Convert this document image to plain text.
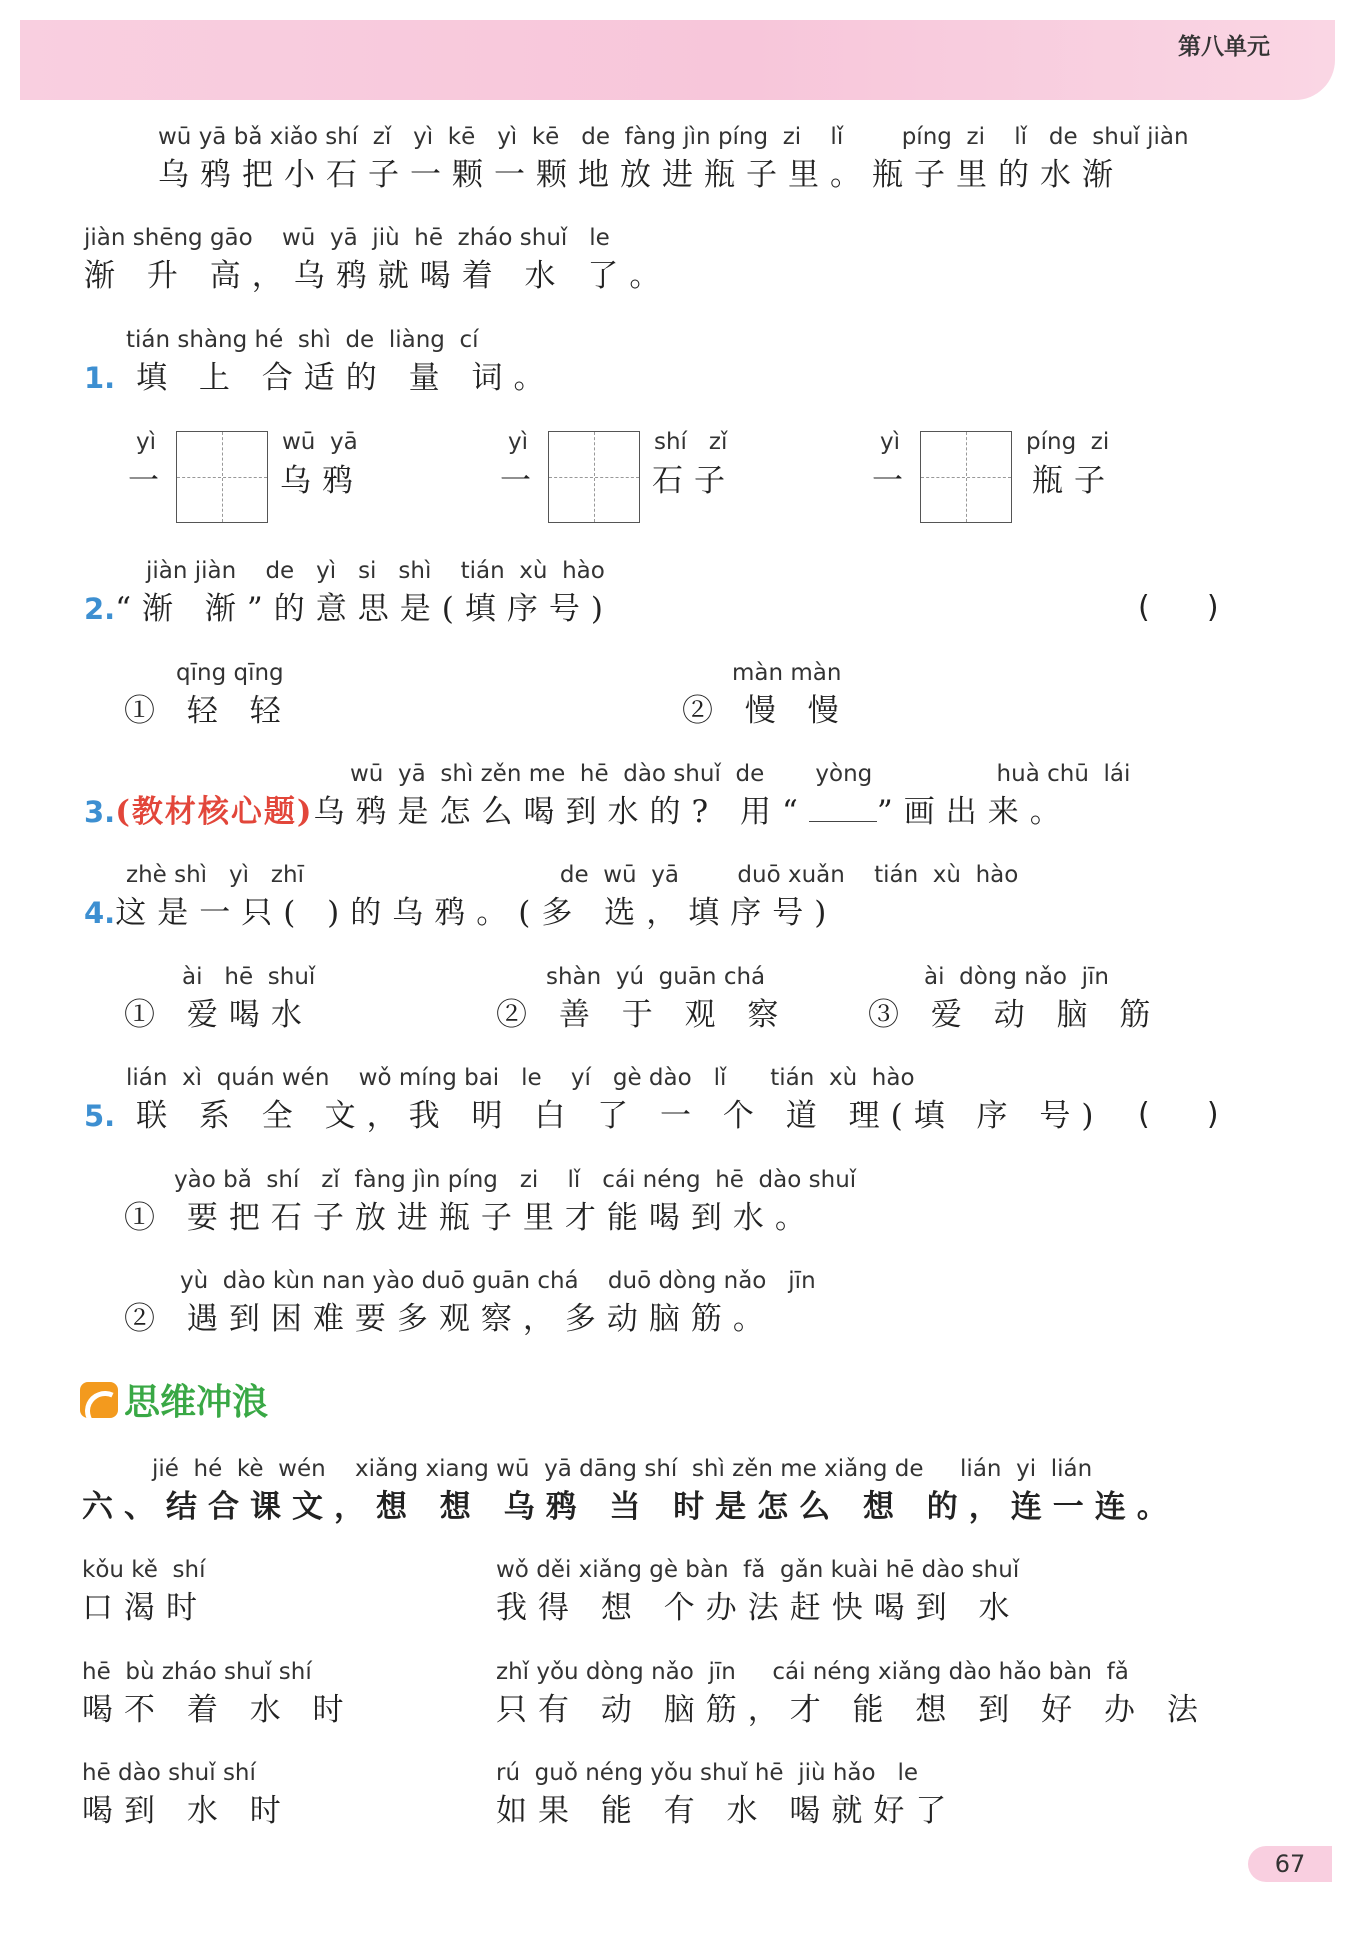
第八单元
wū yā bǎ xiǎo shí  zǐ   yì  kē   yì  kē   de  fàng jìn píng  zi    lǐ        píng  zi    lǐ   de  shuǐ jiàn
乌鸦把小石子一颗一颗地放进瓶子里。瓶子里的水渐
jiàn shēng gāo    wū  yā  jiù  hē  zháo shuǐ   le
渐 升 高，乌鸦就喝着 水 了。
tián shàng hé  shì  de  liàng  cí
1. 填 上 合适的 量 词。
yì
一
wū  yā
乌鸦
yì
一
shí   zǐ
石子
yì
一
píng  zi
瓶子
jiàn jiàn    de   yì   si   shì    tián  xù  hào
2.“渐 渐”的意思是(填序号)	(      )
qīng qīng
① 轻 轻
màn màn
② 慢 慢
wū  yā  shì zěn me  hē  dào shuǐ  de       yòng                 huà chū  lái
3.(教材核心题)乌鸦是怎么喝到水的? 用“ ”画出来。
zhè shì   yì   zhī                                   de  wū  yā        duō xuǎn    tián  xù  hào
4.这是一只( )的乌鸦。(多 选，填序号)
ài   hē  shuǐ
① 爱喝水
shàn  yú  guān chá
② 善 于 观 察
ài  dòng nǎo  jīn
③ 爱 动 脑 筋
lián  xì  quán wén    wǒ míng bai   le    yí   gè dào   lǐ      tián  xù  hào
5. 联 系 全 文，我 明 白 了 一 个 道 理(填 序 号) (      )
yào bǎ  shí   zǐ  fàng jìn píng   zi    lǐ   cái néng  hē  dào shuǐ
① 要把石子放进瓶子里才能喝到水。
yù  dào kùn nan yào duō guān chá    duō dòng nǎo   jīn
② 遇到困难要多观察，多动脑筋。
思维冲浪
jié  hé  kè  wén    xiǎng xiang wū  yā dāng shí  shì zěn me xiǎng de     lián  yi  lián
六、结合课文，想 想 乌鸦 当 时是怎么 想 的，连一连。
kǒu kě  shí
口渴时
hē  bù zháo shuǐ shí
喝不 着 水 时
hē dào shuǐ shí
喝到 水 时
wǒ děi xiǎng gè bàn  fǎ  gǎn kuài hē dào shuǐ
我得 想 个办法赶快喝到 水
zhǐ yǒu dòng nǎo  jīn     cái néng xiǎng dào hǎo bàn  fǎ
只有 动 脑筋，才 能 想 到 好 办 法
rú  guǒ néng yǒu shuǐ hē  jiù hǎo   le
如果 能 有 水 喝就好了
67
